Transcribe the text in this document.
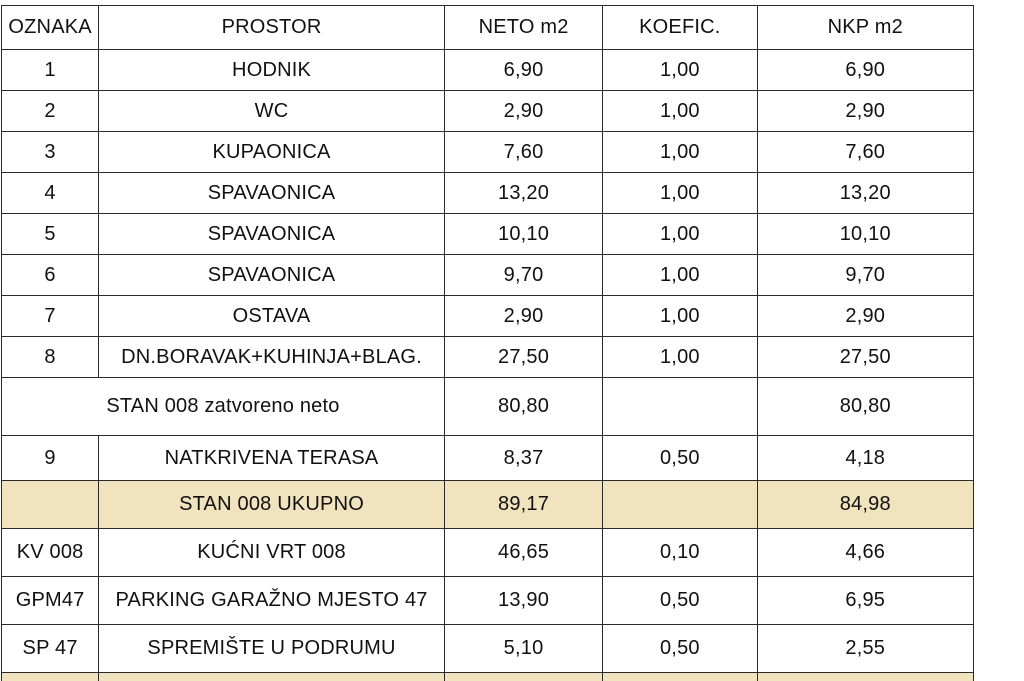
OZNAKA	PROSTOR	NETO m2	KOEFIC.	NKP m2
1	HODNIK	6,90	1,00	6,90
2	WC	2,90	1,00	2,90
3	KUPAONICA	7,60	1,00	7,60
4	SPAVAONICA	13,20	1,00	13,20
5	SPAVAONICA	10,10	1,00	10,10
6	SPAVAONICA	9,70	1,00	9,70
7	OSTAVA	2,90	1,00	2,90
8	DN.BORAVAK+KUHINJA+BLAG.	27,50	1,00	27,50
STAN 008 zatvoreno neto		80,80		80,80
9	NATKRIVENA TERASA	8,37	0,50	4,18
	STAN 008 UKUPNO	89,17		84,98
KV 008	KUĆNI VRT 008	46,65	0,10	4,66
GPM47	PARKING GARAŽNO MJESTO 47	13,90	0,50	6,95
SP 47	SPREMIŠTE U PODRUMU	5,10	0,50	2,55
